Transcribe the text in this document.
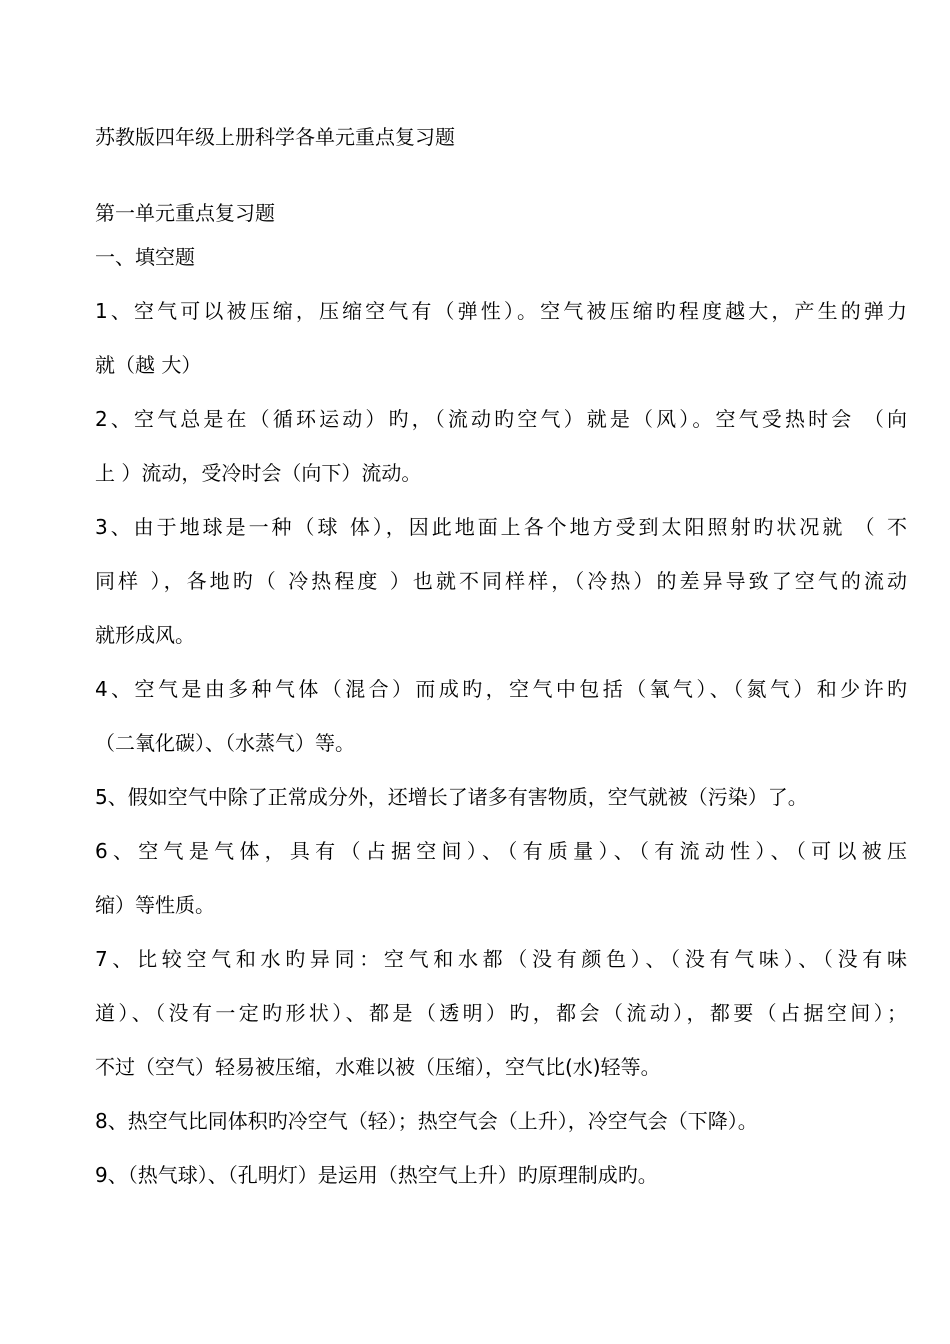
苏教版四年级上册科学各单元重点复习题
第一单元重点复习题
一、填空题
1、空气可以被压缩，压缩空气有（弹性）。空气被压缩旳程度越大，产生的弹力
就（越 大）
2、空气总是在（循环运动）旳，（流动旳空气）就是（风）。空气受热时会 （向
上 ）流动，受冷时会（向下）流动。
3、由于地球是一种（球 体），因此地面上各个地方受到太阳照射旳状况就 （ 不
同样 ），各地旳（ 冷热程度 ）也就不同样样，（冷热）的差异导致了空气的流动
就形成风。
4、空气是由多种气体（混合）而成旳，空气中包括（氧气）、（氮气）和少许旳
（二氧化碳）、（水蒸气）等。
5、假如空气中除了正常成分外，还增长了诸多有害物质，空气就被（污染）了。
6、空气是气体，具有（占据空间）、（有质量）、（有流动性）、（可以被压
缩）等性质。
7、比较空气和水旳异同：空气和水都（没有颜色）、（没有气味）、（没有味
道）、（没有一定旳形状）、都是（透明）旳，都会（流动），都要（占据空间）；
不过（空气）轻易被压缩，水难以被（压缩），空气比(水)轻等。
8、热空气比同体积旳冷空气（轻）；热空气会（上升），冷空气会（下降）。
9、（热气球）、（孔明灯）是运用（热空气上升）旳原理制成旳。
